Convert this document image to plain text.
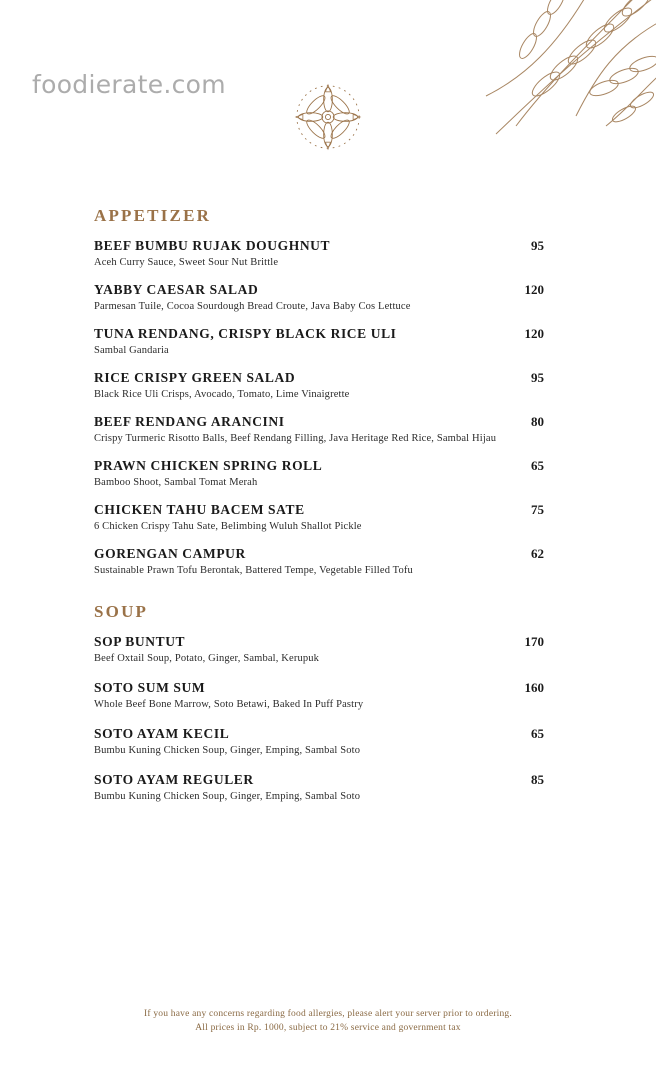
foodierate.com
APPETIZER
BEEF BUMBU RUJAK DOUGHNUT	95
Aceh Curry Sauce, Sweet Sour Nut Brittle
YABBY CAESAR SALAD	120
Parmesan Tuile, Cocoa Sourdough Bread Croute, Java Baby Cos Lettuce
TUNA RENDANG, CRISPY BLACK RICE ULI	120
Sambal Gandaria
RICE CRISPY GREEN SALAD	95
Black Rice Uli Crisps, Avocado, Tomato, Lime Vinaigrette
BEEF RENDANG ARANCINI	80
Crispy Turmeric Risotto Balls, Beef Rendang Filling, Java Heritage Red Rice, Sambal Hijau
PRAWN CHICKEN SPRING ROLL	65
Bamboo Shoot, Sambal Tomat Merah
CHICKEN TAHU BACEM SATE	75
6 Chicken Crispy Tahu Sate, Belimbing Wuluh Shallot Pickle
GORENGAN CAMPUR	62
Sustainable Prawn Tofu Berontak, Battered Tempe, Vegetable Filled Tofu
SOUP
SOP BUNTUT	170
Beef Oxtail Soup, Potato, Ginger, Sambal, Kerupuk
SOTO SUM SUM	160
Whole Beef Bone Marrow, Soto Betawi, Baked In Puff Pastry
SOTO AYAM KECIL	65
Bumbu Kuning Chicken Soup, Ginger, Emping, Sambal Soto
SOTO AYAM REGULER	85
Bumbu Kuning Chicken Soup, Ginger, Emping, Sambal Soto
If you have any concerns regarding food allergies, please alert your server prior to ordering.
All prices in Rp. 1000, subject to 21% service and government tax
